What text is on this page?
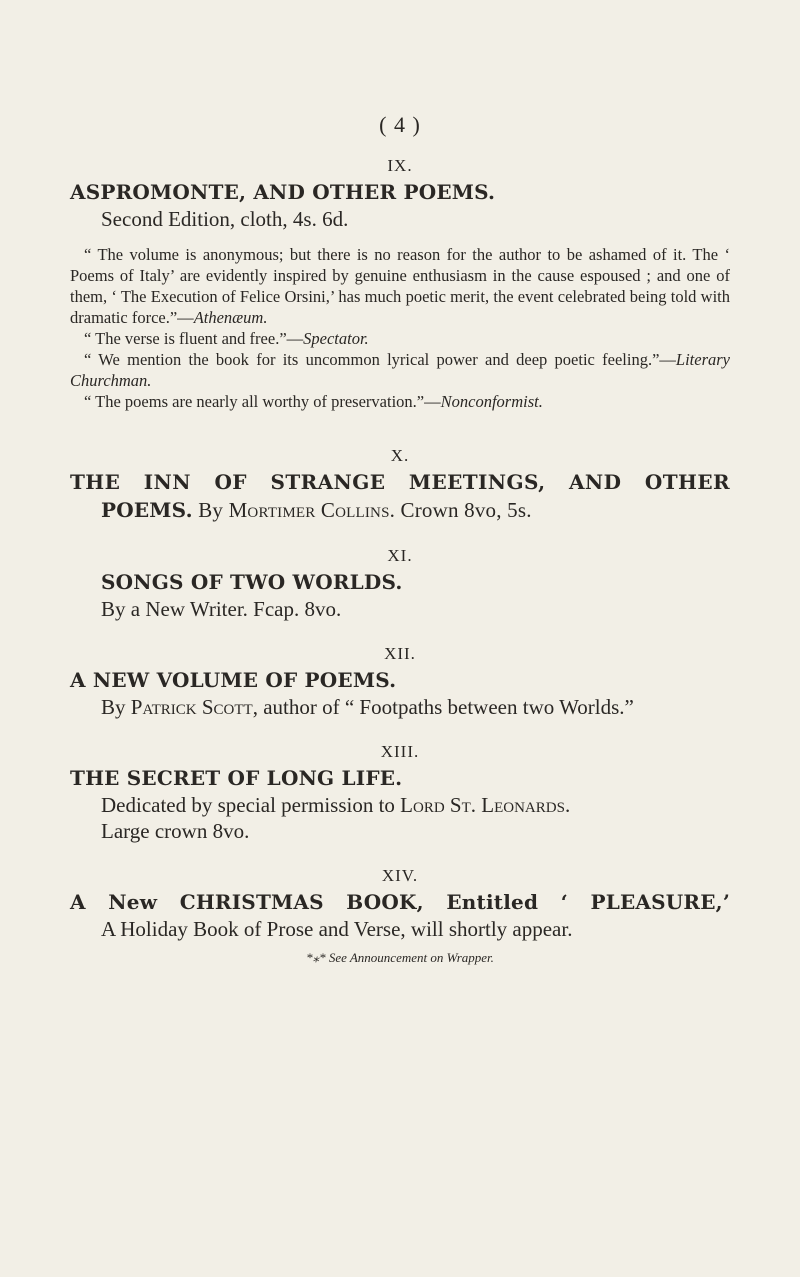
( 4 )

IX.

ASPROMONTE, AND OTHER POEMS.

Second Edition, cloth, 4s. 6d.

“ The volume is anonymous; but there is no reason for the author to be ashamed of it. The ‘ Poems of Italy’ are evidently inspired by genuine enthusiasm in the cause espoused ; and one of them, ‘ The Execution of Felice Orsini,’ has much poetic merit, the event celebrated being told with dramatic force.”—Athenæum.

“ The verse is fluent and free.”—Spectator.

“ We mention the book for its uncommon lyrical power and deep poetic feeling.”—Literary Churchman.

“ The poems are nearly all worthy of preservation.”—Nonconformist.

X.

THE INN OF STRANGE MEETINGS, AND OTHER

POEMS. By Mortimer Collins. Crown 8vo, 5s.

XI.

SONGS OF TWO WORLDS.

By a New Writer. Fcap. 8vo.

XII.

A NEW VOLUME OF POEMS.

By Patrick Scott, author of “ Footpaths between two Worlds.”

XIII.

THE SECRET OF LONG LIFE.

Dedicated by special permission to Lord St. Leonards.

Large crown 8vo.

XIV.

A New CHRISTMAS BOOK, Entitled ‘ PLEASURE,’

A Holiday Book of Prose and Verse, will shortly appear.

*⁎* See Announcement on Wrapper.
